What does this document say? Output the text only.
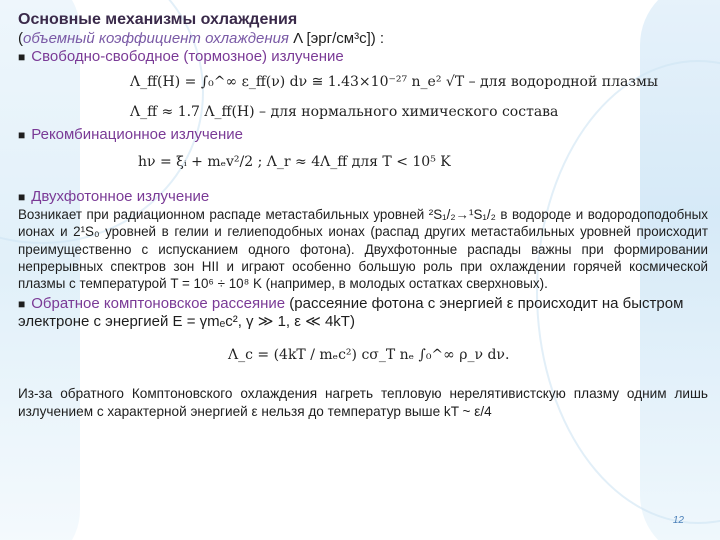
Основные механизмы охлаждения
(объемный коэффициент охлаждения Λ [эрг/см³с]) :
■ Свободно-свободное (тормозное) излучение
Λ_ff(H) = ∫₀^∞ ε_ff(ν) dν ≅ 1.43×10⁻²⁷ n_e² √T – для водородной плазмы
Λ_ff ≈ 1.7 Λ_ff(H) – для нормального химического состава
■ Рекомбинационное излучение
hν = ξᵢ + mₑv²/2 ; Λ_r ≈ 4Λ_ff для T < 10⁵ K
■ Двухфотонное излучение

Возникает при радиационном распаде метастабильных уровней ²S₁/₂→¹S₁/₂ в водороде и водородоподобных ионах и 2¹S₀ уровней в гелии и гелиеподобных ионах (распад других метастабильных уровней происходит преимущественно с испусканием одного фотона). Двухфотонные распады важны при формировании непрерывных спектров зон НII и играют особенно большую роль при охлаждении горячей космической плазмы с температурой T = 10⁶ ÷ 10⁸ K (например, в молодых остатках сверхновых).

■ Обратное комптоновское рассеяние (рассеяние фотона с энергией ε происходит на быстром электроне с энергией E = γmₑc², γ ≫ 1, ε ≪ 4kT)
Λ_c = (4kT / mₑc²) cσ_T nₑ ∫₀^∞ ρ_ν dν.

Из-за обратного Комптоновского охлаждения нагреть тепловую нерелятивистскую плазму одним лишь излучением с характерной энергией ε нельзя до температур выше kT ~ ε/4

12
